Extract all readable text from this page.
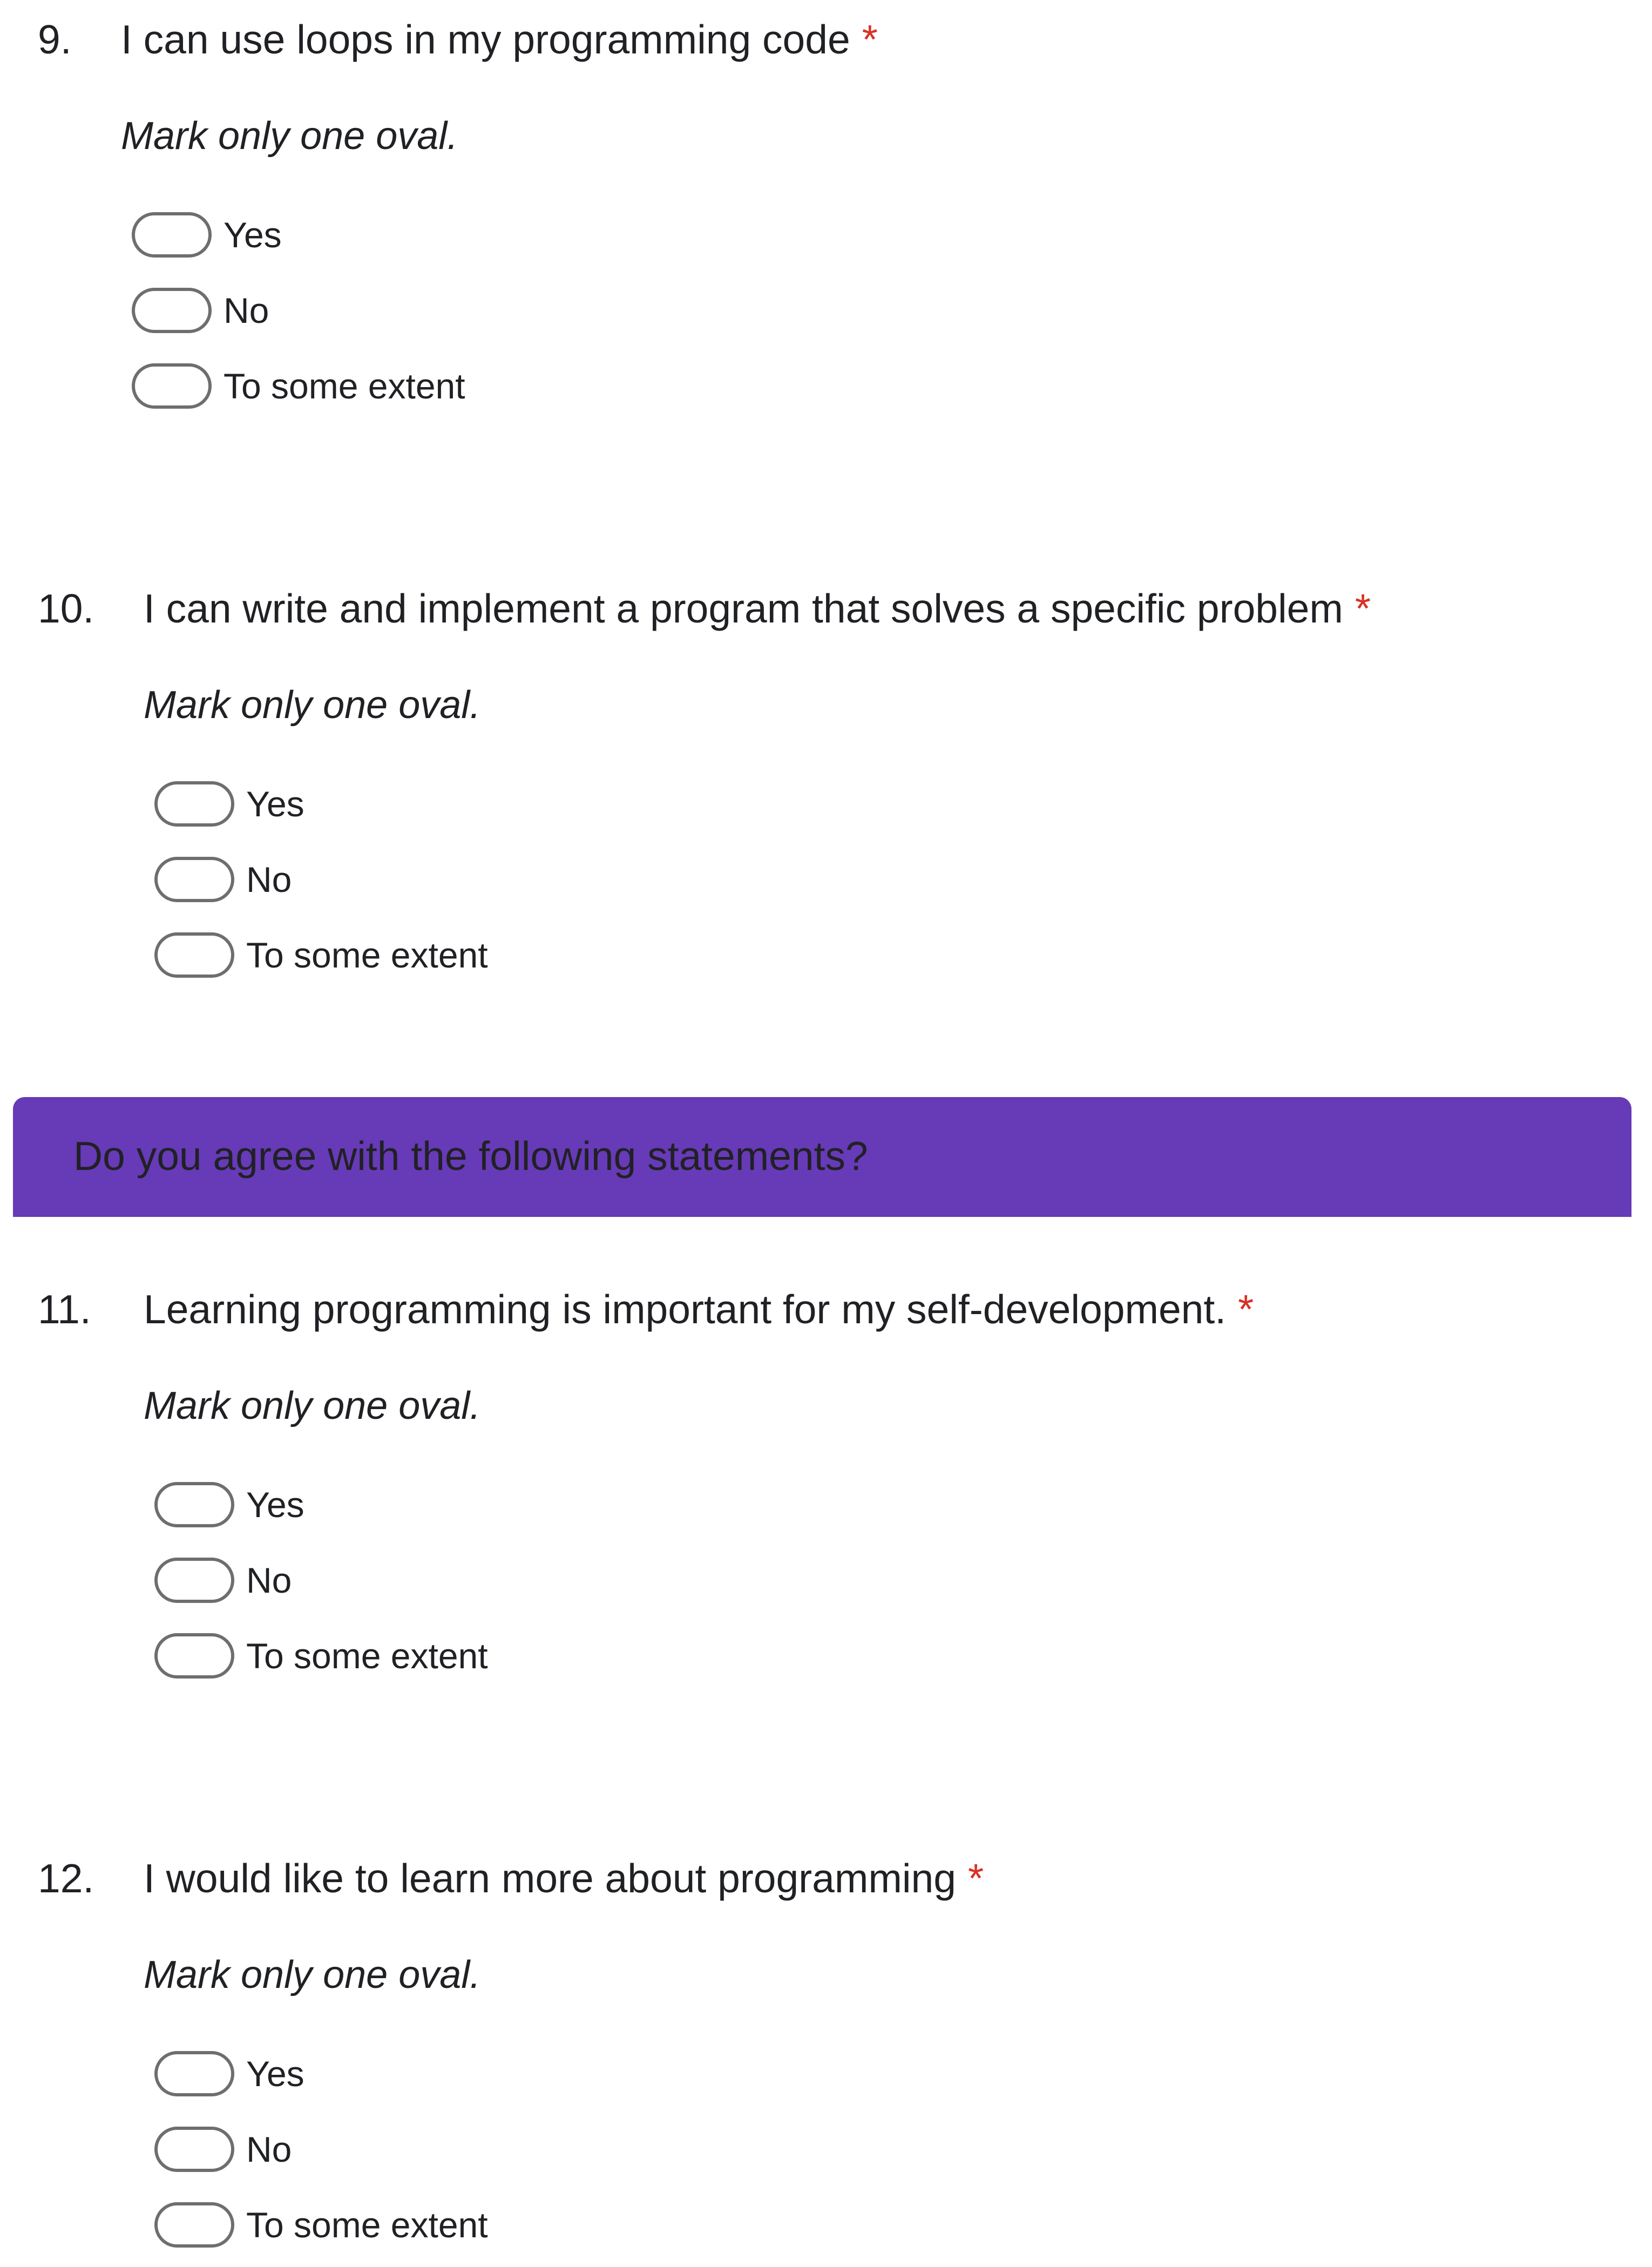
9. I can use loops in my programming code *
Mark only one oval.
Yes
No
To some extent
10. I can write and implement a program that solves a specific problem *
Mark only one oval.
Yes
No
To some extent
Do you agree with the following statements?
11. Learning programming is important for my self-development. *
Mark only one oval.
Yes
No
To some extent
12. I would like to learn more about programming *
Mark only one oval.
Yes
No
To some extent
